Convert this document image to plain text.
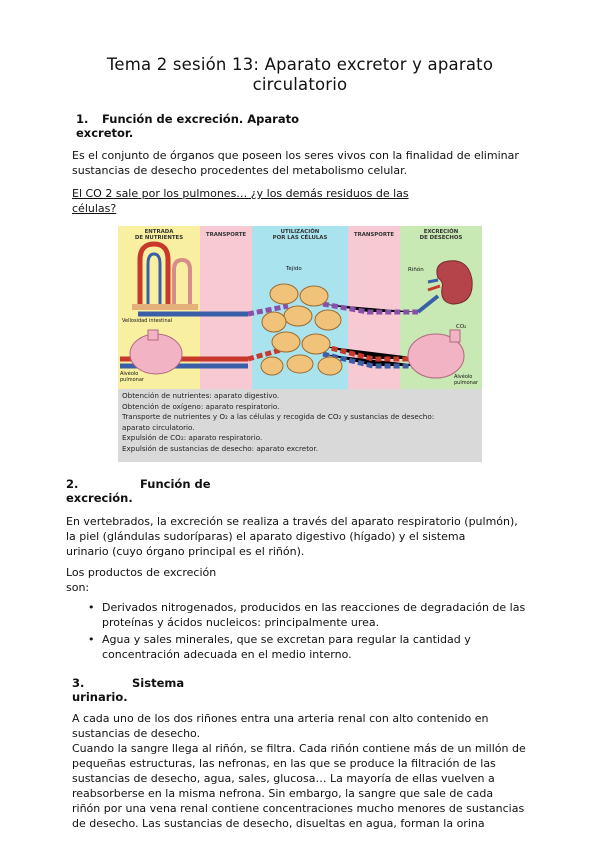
Tema 2 sesión 13: Aparato excretor y aparato
circulatorio
1. Función de excreción. Aparato
excretor.
Es el conjunto de órganos que poseen los seres vivos con la finalidad de eliminar
sustancias de desecho procedentes del metabolismo celular.
El CO 2 sale por los pulmones… ¿y los demás residuos de las
células?
ENTRADA
DE NUTRIENTES	TRANSPORTE	UTILIZACIÓN
POR LAS CÉLULAS	TRANSPORTE	EXCRECIÓN
DE DESECHOS
Tejido	Riñón
Vellosidad intestinal
Alvéolo
pulmonar	Alvéolo
pulmonar
CO₂
Obtención de nutrientes: aparato digestivo.
Obtención de oxígeno: aparato respiratorio.
Transporte de nutrientes y O₂ a las células y recogida de CO₂ y sustancias de desecho:
aparato circulatorio.
Expulsión de CO₂: aparato respiratorio.
Expulsión de sustancias de desecho: aparato excretor.
2.	Función de
excreción.
En vertebrados, la excreción se realiza a través del aparato respiratorio (pulmón),
la piel (glándulas sudoríparas) el aparato digestivo (hígado) y el sistema
urinario (cuyo órgano principal es el riñón).
Los productos de excreción
son:
• Derivados nitrogenados, producidos en las reacciones de degradación de las
proteínas y ácidos nucleicos: principalmente urea.
• Agua y sales minerales, que se excretan para regular la cantidad y
concentración adecuada en el medio interno.
3.	Sistema
urinario.
A cada uno de los dos riñones entra una arteria renal con alto contenido en
sustancias de desecho.
Cuando la sangre llega al riñón, se filtra. Cada riñón contiene más de un millón de
pequeñas estructuras, las nefronas, en las que se produce la filtración de las
sustancias de desecho, agua, sales, glucosa… La mayoría de ellas vuelven a
reabsorberse en la misma nefrona. Sin embargo, la sangre que sale de cada
riñón por una vena renal contiene concentraciones mucho menores de sustancias
de desecho. Las sustancias de desecho, disueltas en agua, forman la orina
